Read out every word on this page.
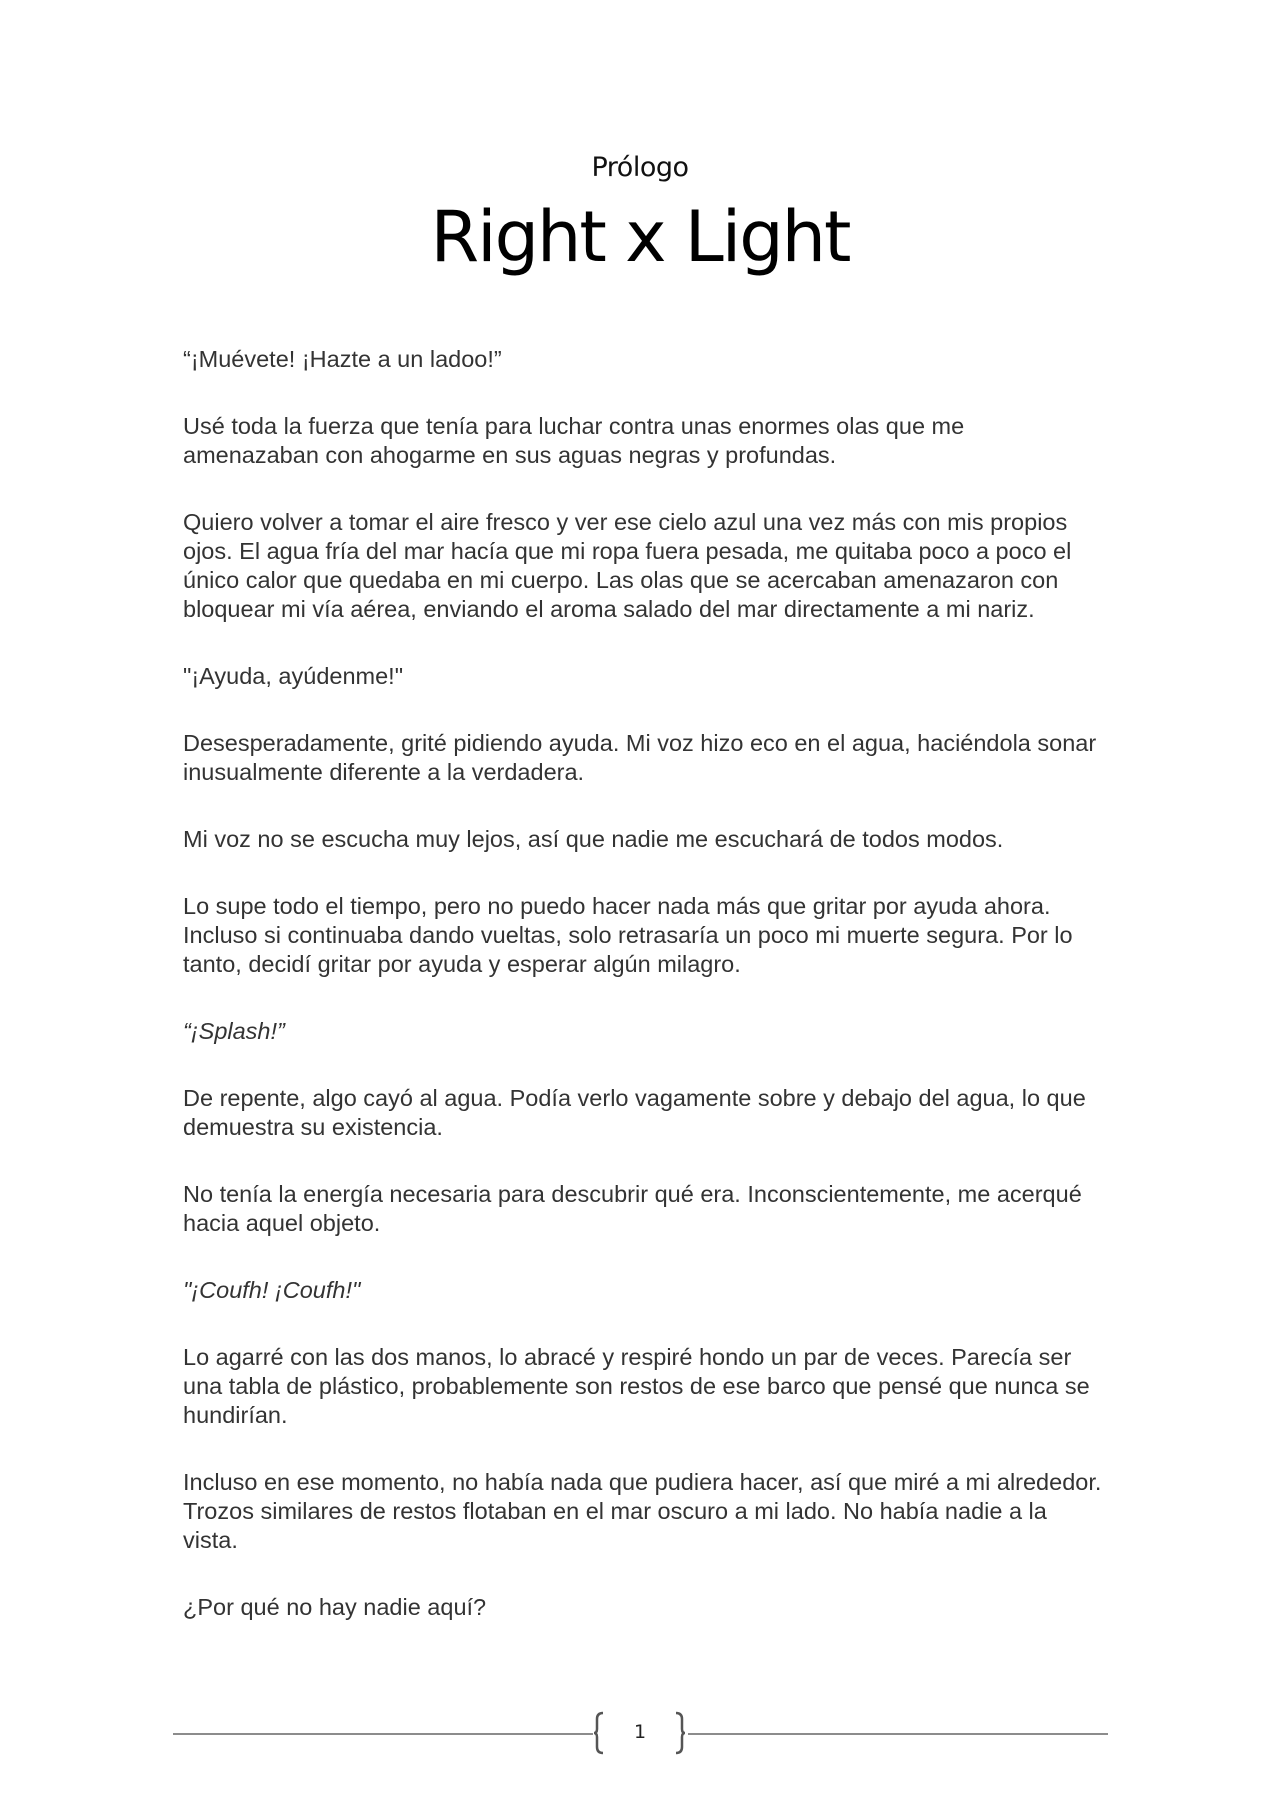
Prólogo
Right x Light

“¡Muévete! ¡Hazte a un ladoo!”

Usé toda la fuerza que tenía para luchar contra unas enormes olas que me amenazaban con ahogarme en sus aguas negras y profundas.

Quiero volver a tomar el aire fresco y ver ese cielo azul una vez más con mis propios ojos. El agua fría del mar hacía que mi ropa fuera pesada, me quitaba poco a poco el único calor que quedaba en mi cuerpo. Las olas que se acercaban amenazaron con bloquear mi vía aérea, enviando el aroma salado del mar directamente a mi nariz.

"¡Ayuda, ayúdenme!"

Desesperadamente, grité pidiendo ayuda. Mi voz hizo eco en el agua, haciéndola sonar inusualmente diferente a la verdadera.

Mi voz no se escucha muy lejos, así que nadie me escuchará de todos modos.

Lo supe todo el tiempo, pero no puedo hacer nada más que gritar por ayuda ahora. Incluso si continuaba dando vueltas, solo retrasaría un poco mi muerte segura. Por lo tanto, decidí gritar por ayuda y esperar algún milagro.

“¡Splash!”

De repente, algo cayó al agua. Podía verlo vagamente sobre y debajo del agua, lo que demuestra su existencia.

No tenía la energía necesaria para descubrir qué era. Inconscientemente, me acerqué hacia aquel objeto.

"¡Coufh! ¡Coufh!"

Lo agarré con las dos manos, lo abracé y respiré hondo un par de veces. Parecía ser una tabla de plástico, probablemente son restos de ese barco que pensé que nunca se hundirían.

Incluso en ese momento, no había nada que pudiera hacer, así que miré a mi alrededor. Trozos similares de restos flotaban en el mar oscuro a mi lado. No había nadie a la vista.

¿Por qué no hay nadie aquí?

1
